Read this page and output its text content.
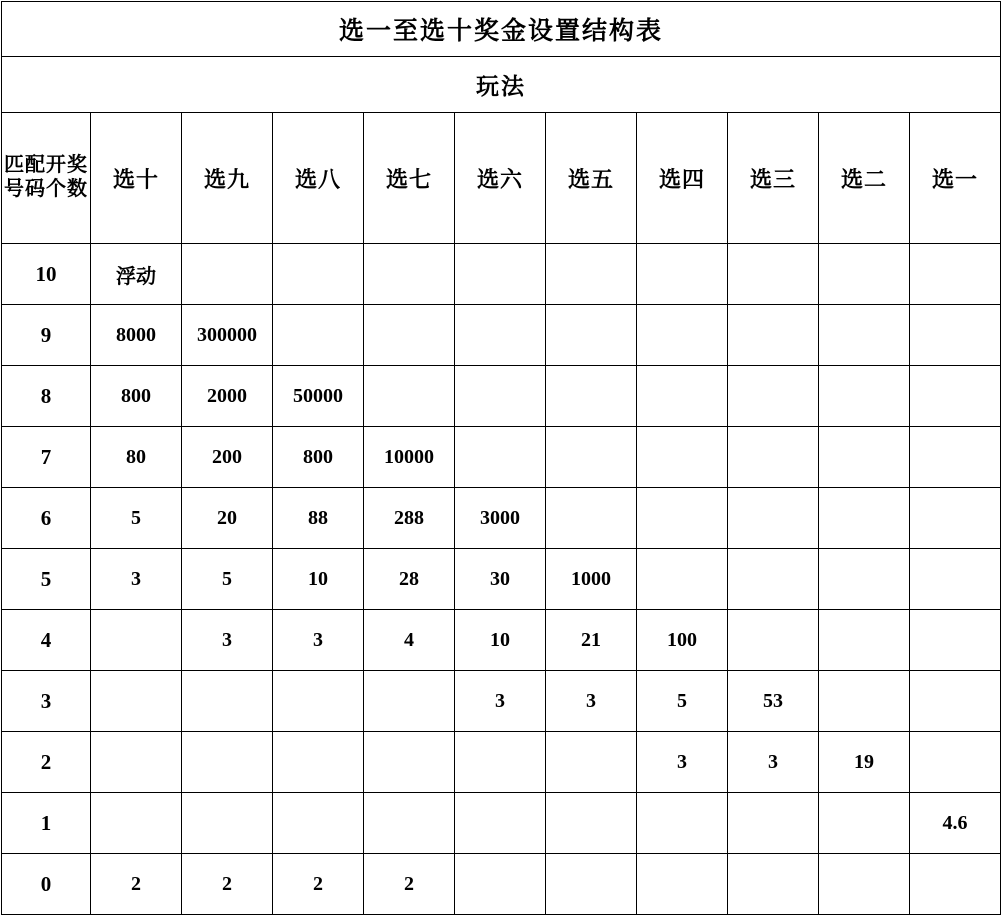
选一至选十奖金设置结构表										
玩法										
匹配开奖号码个数	选十	选九	选八	选七	选六	选五	选四	选三	选二	选一
10	浮动									
9	8000	300000								
8	800	2000	50000							
7	80	200	800	10000						
6	5	20	88	288	3000					
5	3	5	10	28	30	1000				
4		3	3	4	10	21	100			
3					3	3	5	53		
2							3	3	19	
1										4.6
0	2	2	2	2						
